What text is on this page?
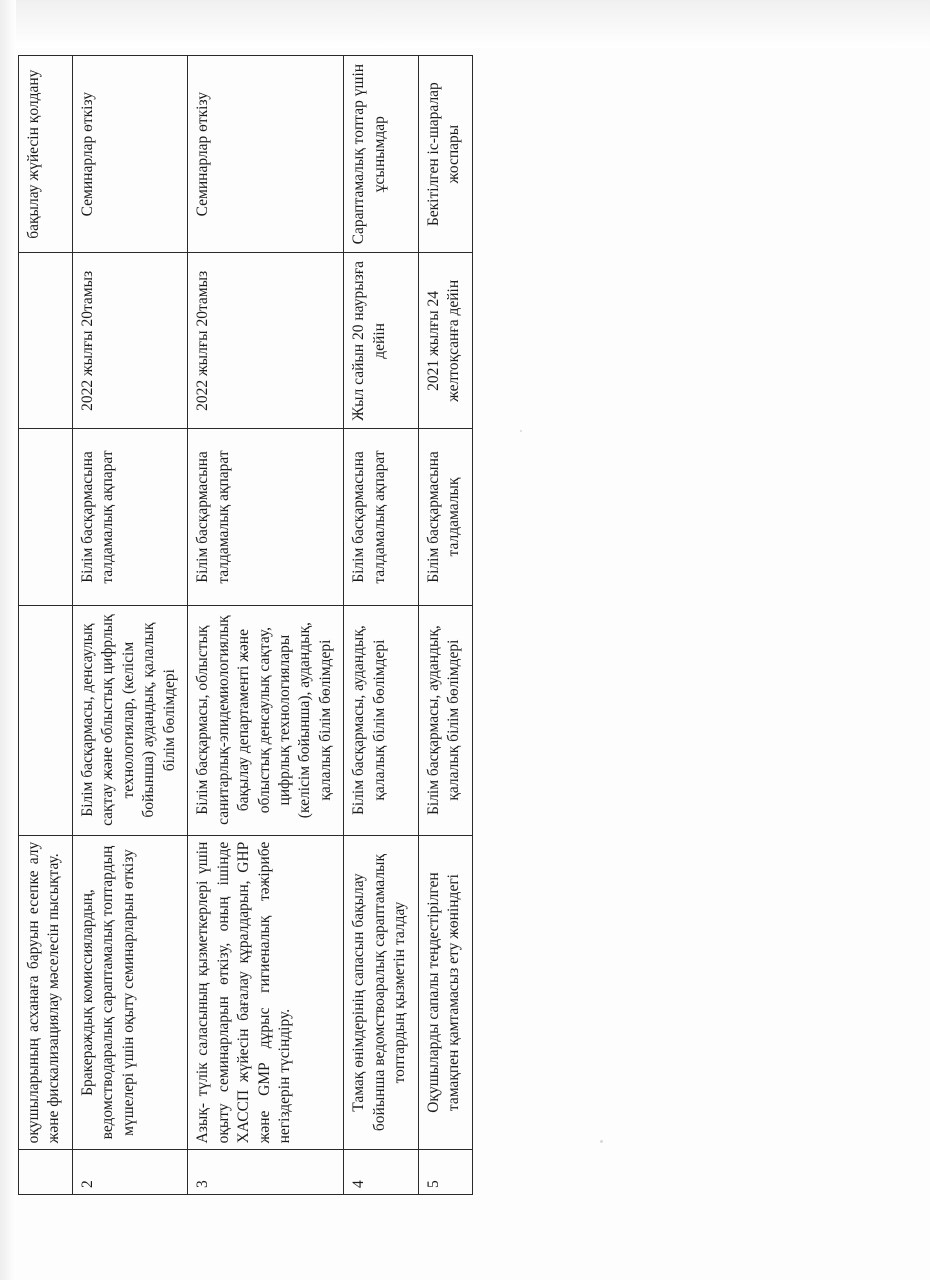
	оқушыларының асханаға баруын есепке алу және фискализациялау мәселесін пысықтау.				бақылау жүйесін қолдану
2	Бракераждық комиссиялардың, ведомстводаралық сараптамалық топтардың мүшелері үшін оқыту семинарларын өткізу	Білім басқармасы, денсаулық сақтау және облыстық цифрлық технологиялар, (келісім бойынша) аудандық, қалалық білім бөлімдері	Білім басқармасына талдамалық ақпарат	2022 жылғы 20тамыз	Семинарлар өткізу
3	Азық- түлік саласының қызметкерлері үшін оқыту семинарларын өткізу, оның ішінде ХАССП жүйесін бағалау құралдарын, GHP және GMP дұрыс гигиеналық тәжірибе негіздерін түсіндіру.	Білім басқармасы, облыстық санитарлық-эпидемиологиялық бақылау департаменті және облыстық денсаулық сақтау, цифрлық технологиялары (келісім бойынша), аудандық, қалалық білім бөлімдері	Білім басқармасына талдамалық ақпарат	2022 жылғы 20тамыз	Семинарлар өткізу
4	Тамақ өнімдерінің сапасын бақылау бойынша ведомствоаралық сараптамалық топтардың қызметін талдау	Білім басқармасы, аудандық, қалалық білім бөлімдері	Білім басқармасына талдамалық ақпарат	Жыл сайын 20 наурызға дейін	Сараптамалық топтар үшін ұсынымдар
5	Оқушыларды сапалы теңдестірілген тамақпен қамтамасыз ету жөніндегі	Білім басқармасы, аудандық, қалалық білім бөлімдері	Білім басқармасына талдамалық	2021 жылғы 24 желтоқсанға дейін	Бекітілген іс-шаралар жоспары
